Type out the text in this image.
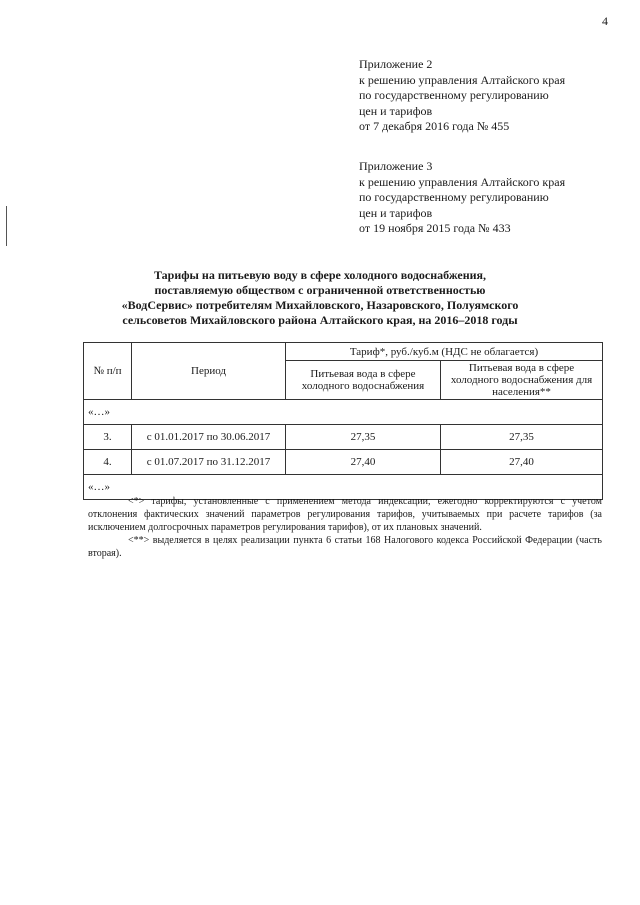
4
Приложение 2
к решению управления Алтайского края
по государственному регулированию
цен и тарифов
от 7 декабря 2016 года № 455
Приложение 3
к решению управления Алтайского края
по государственному регулированию
цен и тарифов
от 19 ноября 2015 года № 433
Тарифы на питьевую воду в сфере холодного водоснабжения,
поставляемую обществом с ограниченной ответственностью
«ВодСервис» потребителям Михайловского, Назаровского, Полуямского
сельсоветов Михайловского района Алтайского края, на 2016–2018 годы
№ п/п	Период	Тариф*, руб./куб.м (НДС не облагается)	
		Питьевая вода в сфере холодного водоснабжения	Питьевая вода в сфере холодного водоснабжения для населения**
«…»			
3.	с 01.01.2017 по 30.06.2017	27,35	27,35
4.	с 01.07.2017 по 31.12.2017	27,40	27,40
«…»			

<*> тарифы, установленные с применением метода индексации, ежегодно корректируются с учетом отклонения фактических значений параметров регулирования тарифов, учитываемых при расчете тарифов (за исключением долгосрочных параметров регулирования тарифов), от их плановых значений.

<**> выделяется в целях реализации пункта 6 статьи 168 Налогового кодекса Российской Федерации (часть вторая).
